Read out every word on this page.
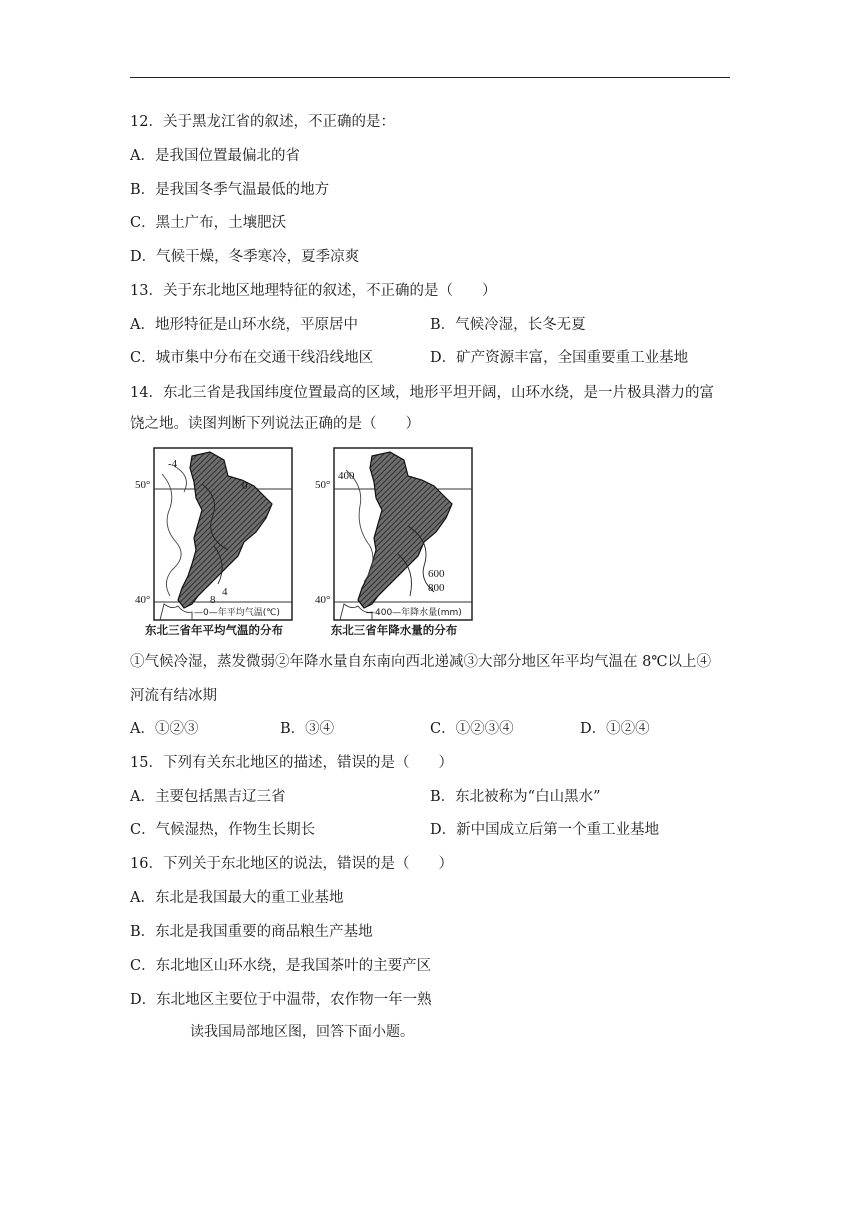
12．关于黑龙江省的叙述，不正确的是：
A．是我国位置最偏北的省
B．是我国冬季气温最低的地方
C．黑土广布，土壤肥沃
D．气候干燥，冬季寒冷，夏季凉爽
13．关于东北地区地理特征的叙述，不正确的是（　　）
A．地形特征是山环水绕，平原居中	B．气候冷湿，长冬无夏
C．城市集中分布在交通干线沿线地区	D．矿产资源丰富，全国重要重工业基地
14．东北三省是我国纬度位置最高的区域，地形平坦开阔，山环水绕，是一片极具潜力的富
饶之地。读图判断下列说法正确的是（　　）
50°
40°
-4
0
4
8
—0—年平均气温(℃)
东北三省年平均气温的分布
50°
40°
400
600
800
—400—年降水量(mm)
东北三省年降水量的分布
①气候冷湿，蒸发微弱②年降水量自东南向西北递减③大部分地区年平均气温在 8℃以上④
河流有结冰期
A．①②③	B．③④	C．①②③④	D．①②④
15．下列有关东北地区的描述，错误的是（　　）
A．主要包括黑吉辽三省	B．东北被称为“白山黑水”
C．气候湿热，作物生长期长	D．新中国成立后第一个重工业基地
16．下列关于东北地区的说法，错误的是（　　）
A．东北是我国最大的重工业基地
B．东北是我国重要的商品粮生产基地
C．东北地区山环水绕，是我国茶叶的主要产区
D．东北地区主要位于中温带，农作物一年一熟
读我国局部地区图，回答下面小题。
